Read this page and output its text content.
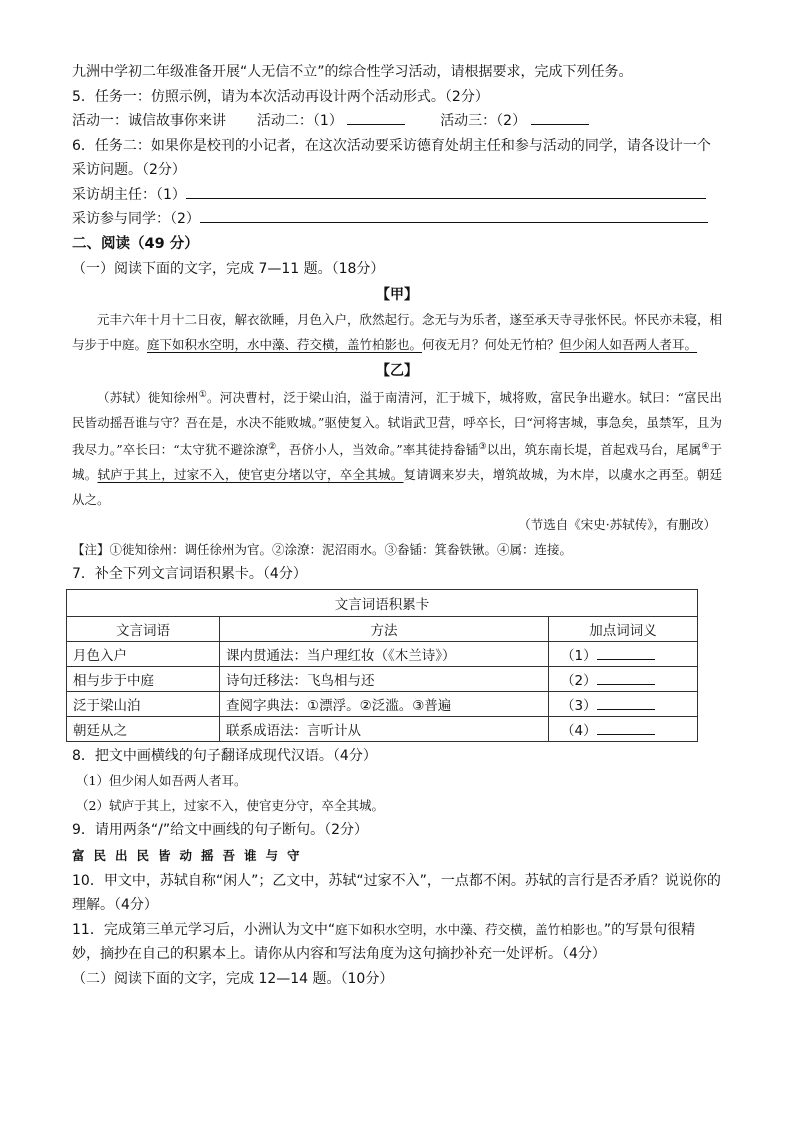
九洲中学初二年级准备开展“人无信不立”的综合性学习活动，请根据要求，完成下列任务。
5．任务一：仿照示例，请为本次活动再设计两个活动形式。（2分）
活动一：诚信故事你来讲 活动二：（1）	活动三：（2）
6．任务二：如果你是校刊的小记者，在这次活动要采访德育处胡主任和参与活动的同学，请各设计一个采访问题。（2分）
采访胡主任：（1）
采访参与同学：（2）
二、阅读（49 分）
（一）阅读下面的文字，完成 7—11 题。（18分）
【甲】

元丰六年十月十二日夜，解衣欲睡，月色入户，欣然起行。念无与为乐者，遂至承天寺寻张怀民。怀民亦未寝，相与步于中庭。庭下如积水空明，水中藻、荇交横，盖竹柏影也。何夜无月？何处无竹柏？但少闲人如吾两人者耳。

【乙】

（苏轼）徙知徐州①。河决曹村，泛于梁山泊，溢于南清河，汇于城下，城将败，富民争出避水。轼曰：“富民出民皆动摇吾谁与守？吾在是，水决不能败城。”驱使复入。轼诣武卫营，呼卒长，曰“河将害城，事急矣，虽禁军，且为我尽力。”卒长曰：“太守犹不避涂潦②，吾侪小人，当效命。”率其徒持畚锸③以出，筑东南长堤，首起戏马台，尾属④于城。轼庐于其上，过家不入，使官吏分堵以守，卒全其城。复请调来岁夫，增筑故城，为木岸，以虞水之再至。朝廷从之。

（节选自《宋史·苏轼传》，有删改）
【注】①徙知徐州：调任徐州为官。②涂潦：泥沼雨水。③畚锸：箕畚铁锹。④属：连接。
7．补全下列文言词语积累卡。（4分）
文言词语积累卡		
文言词语	方法	加点词词义
月色入户	课内贯通法：当户理红妆（《木兰诗》）	（1）
相与步于中庭	诗句迁移法：飞鸟相与还	（2）
泛于梁山泊	查阅字典法：①漂浮。②泛滥。③普遍	（3）
朝廷从之	联系成语法：言听计从	（4）
8．把文中画横线的句子翻译成现代汉语。（4分）
（1）但少闲人如吾两人者耳。
（2）轼庐于其上，过家不入，使官吏分守，卒全其城。
9．请用两条“/”给文中画线的句子断句。（2分）
富民出民皆动摇吾谁与守
10．甲文中，苏轼自称“闲人”；乙文中，苏轼“过家不入”，一点都不闲。苏轼的言行是否矛盾？说说你的理解。（4分）
11．完成第三单元学习后，小洲认为文中“庭下如积水空明，水中藻、荇交横，盖竹柏影也。”的写景句很精妙，摘抄在自己的积累本上。请你从内容和写法角度为这句摘抄补充一处评析。（4分）
（二）阅读下面的文字，完成 12—14 题。（10分）
